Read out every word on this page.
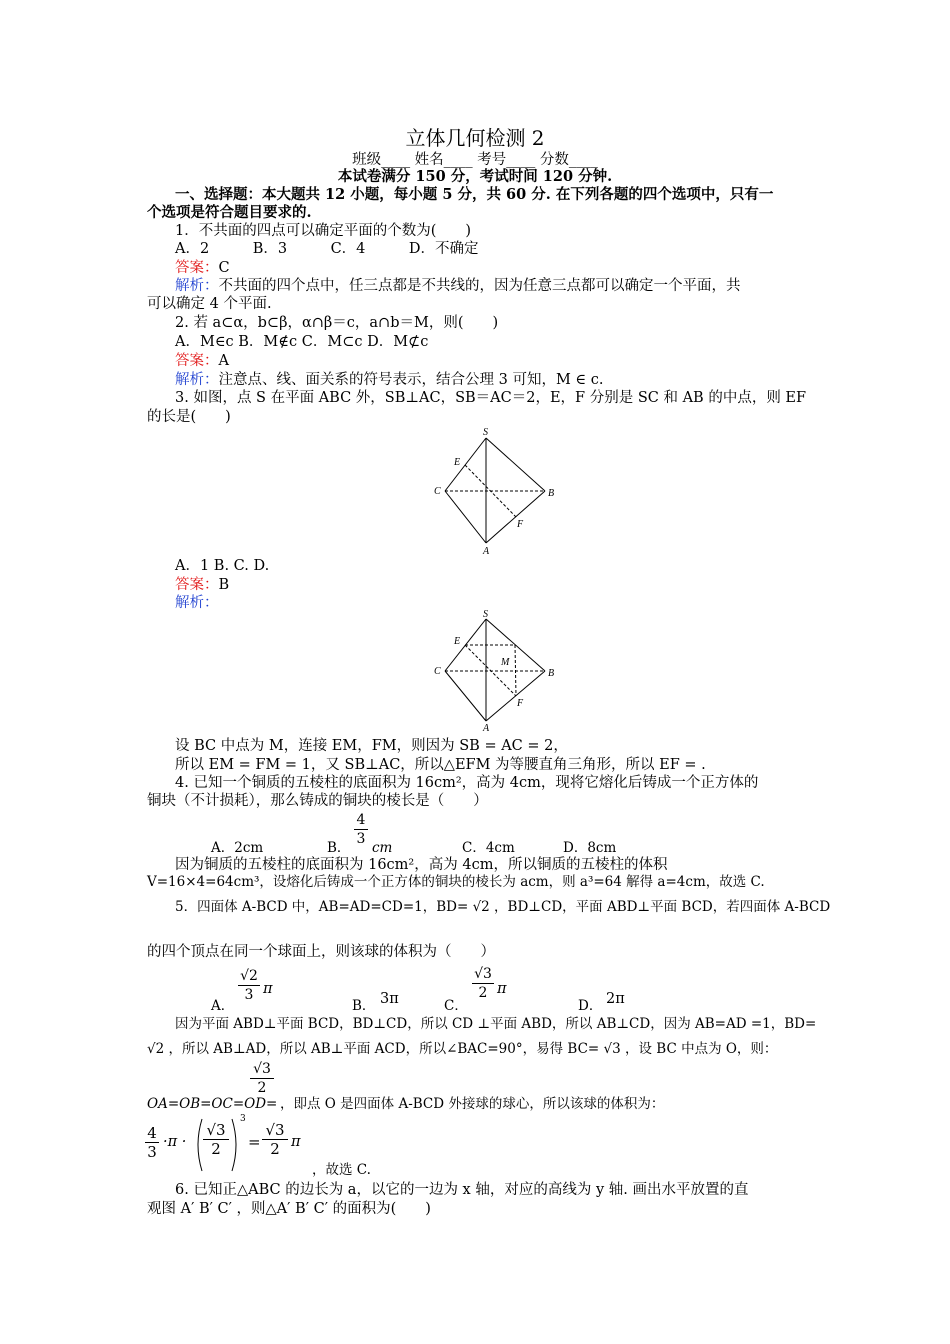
立体几何检测 2
班级____ 姓名____ 考号____ 分数____
本试卷满分 150 分，考试时间 120 分钟.
一、选择题：本大题共 12 小题，每小题 5 分，共 60 分. 在下列各题的四个选项中，只有一
个选项是符合题目要求的.
1．不共面的四点可以确定平面的个数为(　　)
A．2　　　B．3　　　C．4　　　D．不确定
答案：C
解析：不共面的四个点中，任三点都是不共线的，因为任意三点都可以确定一个平面，共
可以确定 4 个平面.
2. 若 a⊂α，b⊂β，α∩β＝c，a∩b＝M，则(　　)
A．M∈c B．M∉c C．M⊂c D．M⊄c
答案：A
解析：注意点、线、面关系的符号表示，结合公理 3 可知，M ∈ c.
3. 如图，点 S 在平面 ABC 外，SB⊥AC，SB＝AC＝2，E，F 分别是 SC 和 AB 的中点，则 EF
的长是(　　)
S
E
C	B
F
A
A．1 B. C. D.
答案：B
解析：
S
E
M
C	B
F
A
设 BC 中点为 M，连接 EM，FM，则因为 SB = AC = 2，
所以 EM = FM = 1，又 SB⊥AC，所以△EFM 为等腰直角三角形，所以 EF = .
4. 已知一个铜质的五棱柱的底面积为 16cm²，高为 4cm，现将它熔化后铸成一个正方体的
铜块（不计损耗），那么铸成的铜块的棱长是（　　）
A．2cm	B． $\frac{4}{3}$ cm	C．4cm	D．8cm
因为铜质的五棱柱的底面积为 16cm²，高为 4cm，所以铜质的五棱柱的体积
V=16×4=64cm³，设熔化后铸成一个正方体的铜块的棱长为 acm，则 a³=64 解得 a=4cm，故选 C.
5．四面体 A-BCD 中，AB=AD=CD=1，BD= √2 ，BD⊥CD，平面 ABD⊥平面 BCD，若四面体 A-BCD
的四个顶点在同一个球面上，则该球的体积为（　　）
A．
$\frac{√2}{3}$ π
B． 3π	C．
$\frac{√3}{2}$ π
D． 2π
因为平面 ABD⊥平面 BCD，BD⊥CD，所以 CD ⊥平面 ABD，所以 AB⊥CD，因为 AB=AD =1，BD=
√2 ，所以 AB⊥AD，所以 AB⊥平面 ACD，所以∠BAC=90°，易得 BC= √3 ，设 BC 中点为 O，则：
OA=OB=OC=OD=
$\frac{√3}{2}$
，即点 O 是四面体 A-BCD 外接球的球心，所以该球的体积为：
$\frac{4}{3} \cdot\pi \cdot \frac{√3}{2}$
3
= $\frac{√3}{2}$ π
，故选 C.
6. 已知正△ABC 的边长为 a，以它的一边为 x 轴，对应的高线为 y 轴. 画出水平放置的直
观图 A′ B′ C′ ，则△A′ B′ C′ 的面积为(　　)
